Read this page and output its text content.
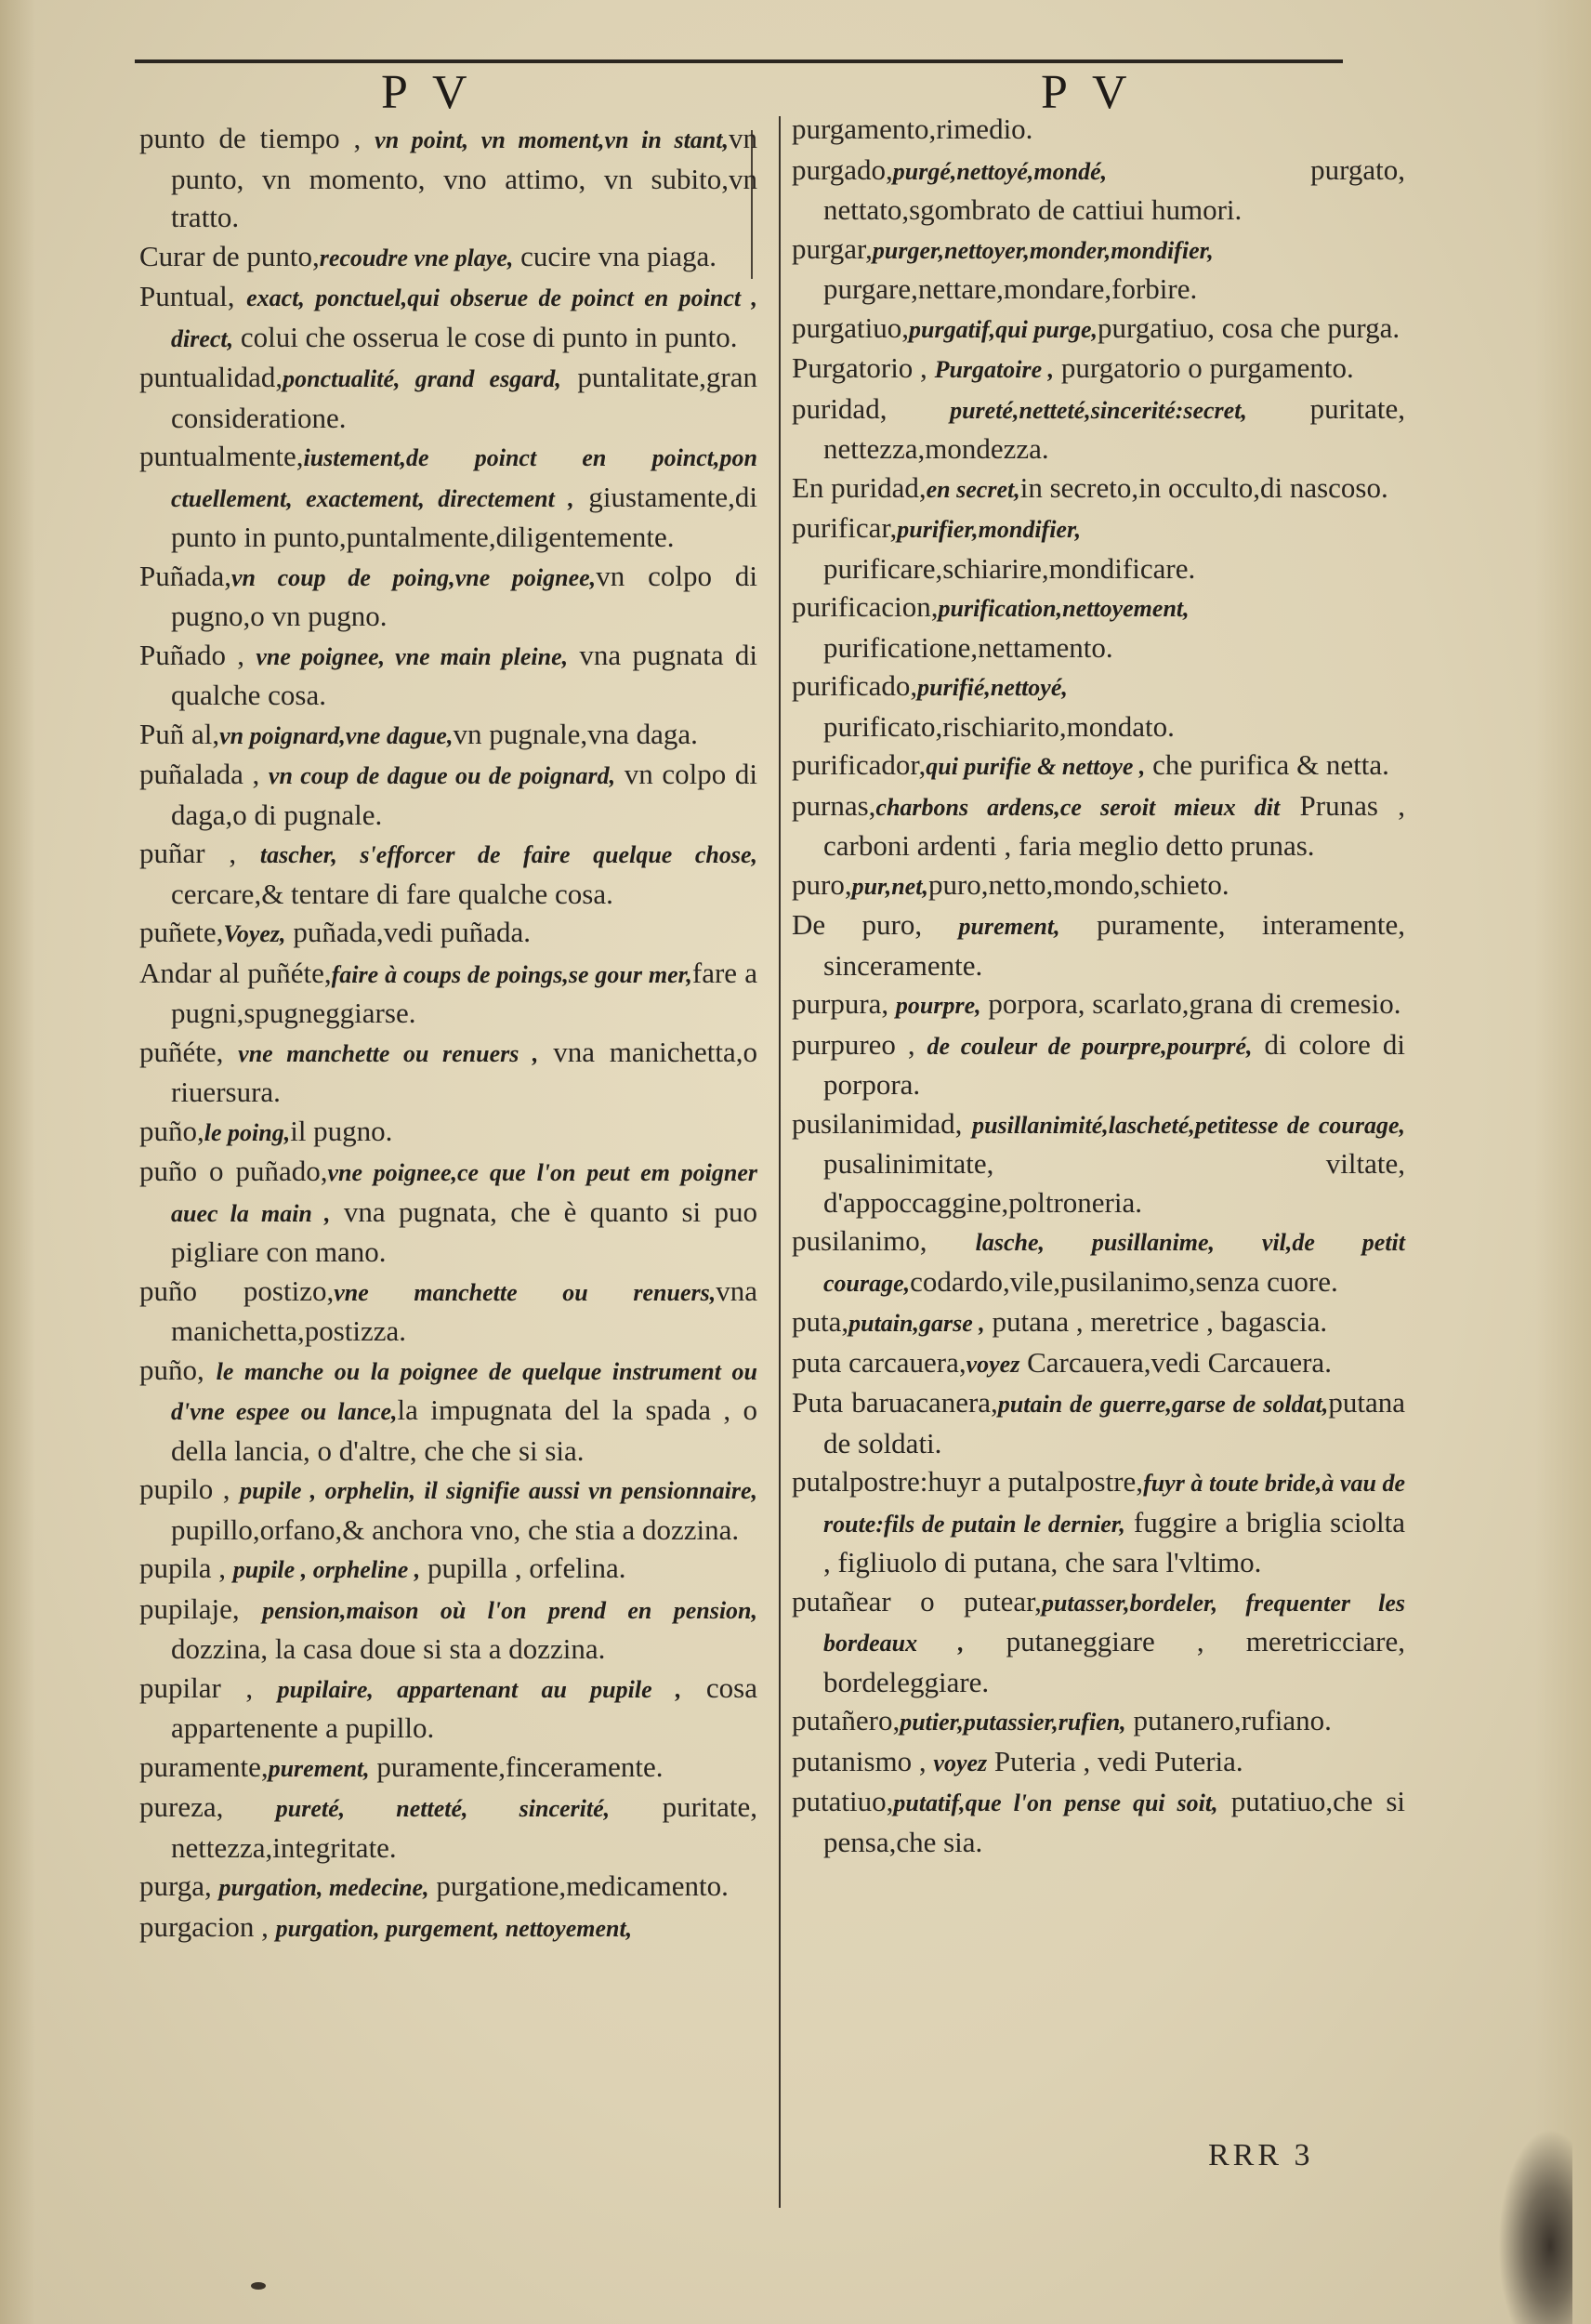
P V	P V

punto de tiempo , vn point, vn moment,vn in stant,vn punto, vn momento, vno attimo, vn subito,vn tratto.

Curar de punto,recoudre vne playe, cucire vna piaga.

Puntual, exact, ponctuel,qui obserue de poinct en poinct , direct, colui che osserua le cose di punto in punto.

puntualidad,ponctualité, grand esgard, puntalitate,gran consideratione.

puntualmente,iustement,de poinct en poinct,pon ctuellement, exactement, directement , giustamente,di punto in punto,puntalmente,diligentemente.

Puñada,vn coup de poing,vne poignee,vn colpo di pugno,o vn pugno.

Puñado , vne poignee, vne main pleine, vna pugnata di qualche cosa.

Puñ al,vn poignard,vne dague,vn pugnale,vna daga.

puñalada , vn coup de dague ou de poignard, vn colpo di daga,o di pugnale.

puñar , tascher, s'efforcer de faire quelque chose, cercare,& tentare di fare qualche cosa.

puñete,Voyez, puñada,vedi puñada.

Andar al puñéte,faire à coups de poings,se gour mer,fare a pugni,spugneggiarse.

puñéte, vne manchette ou renuers , vna manichetta,o riuersura.

puño,le poing,il pugno.

puño o puñado,vne poignee,ce que l'on peut em poigner auec la main , vna pugnata, che è quanto si puo pigliare con mano.

puño postizo,vne manchette ou renuers,vna manichetta,postizza.

puño, le manche ou la poignee de quelque instrument ou d'vne espee ou lance,la impugnata del la spada , o della lancia, o d'altre, che che si sia.

pupilo , pupile , orphelin, il signifie aussi vn pensionnaire, pupillo,orfano,& anchora vno, che stia a dozzina.

pupila , pupile , orpheline , pupilla , orfelina.

pupilaje, pension,maison où l'on prend en pension, dozzina, la casa doue si sta a dozzina.

pupilar , pupilaire, appartenant au pupile , cosa appartenente a pupillo.

puramente,purement, puramente,finceramente.

pureza, pureté, netteté, sincerité, puritate, nettezza,integritate.

purga, purgation, medecine, purgatione,medicamento.

purgacion , purgation, purgement, nettoyement,

purgamento,rimedio.

purgado,purgé,nettoyé,mondé, purgato, nettato,sgombrato de cattiui humori.

purgar,purger,nettoyer,monder,mondifier, purgare,nettare,mondare,forbire.

purgatiuo,purgatif,qui purge,purgatiuo, cosa che purga.

Purgatorio , Purgatoire , purgatorio o purgamento.

puridad, pureté,netteté,sincerité:secret, puritate, nettezza,mondezza.

En puridad,en secret,in secreto,in occulto,di nascoso.

purificar,purifier,mondifier, purificare,schiarire,mondificare.

purificacion,purification,nettoyement, purificatione,nettamento.

purificado,purifié,nettoyé, purificato,rischiarito,mondato.

purificador,qui purifie & nettoye , che purifica & netta.

purnas,charbons ardens,ce seroit mieux dit Prunas , carboni ardenti , faria meglio detto prunas.

puro,pur,net,puro,netto,mondo,schieto.

De puro, purement, puramente, interamente, sinceramente.

purpura, pourpre, porpora, scarlato,grana di cremesio.

purpureo , de couleur de pourpre,pourpré, di colore di porpora.

pusilanimidad, pusillanimité,lascheté,petitesse de courage, pusalinimitate, viltate, d'appoccaggine,poltroneria.

pusilanimo, lasche, pusillanime, vil,de petit courage,codardo,vile,pusilanimo,senza cuore.

puta,putain,garse , putana , meretrice , bagascia.

puta carcauera,voyez Carcauera,vedi Carcauera.

Puta baruacanera,putain de guerre,garse de soldat,putana de soldati.

putalpostre:huyr a putalpostre,fuyr à toute bride,à vau de route:fils de putain le dernier, fuggire a briglia sciolta , figliuolo di putana, che sara l'vltimo.

putañear o putear,putasser,bordeler, frequenter les bordeaux , putaneggiare , meretricciare, bordeleggiare.

putañero,putier,putassier,rufien, putanero,rufiano.

putanismo , voyez Puteria , vedi Puteria.

putatiuo,putatif,que l'on pense qui soit, putatiuo,che si pensa,che sia.

RRR 3
